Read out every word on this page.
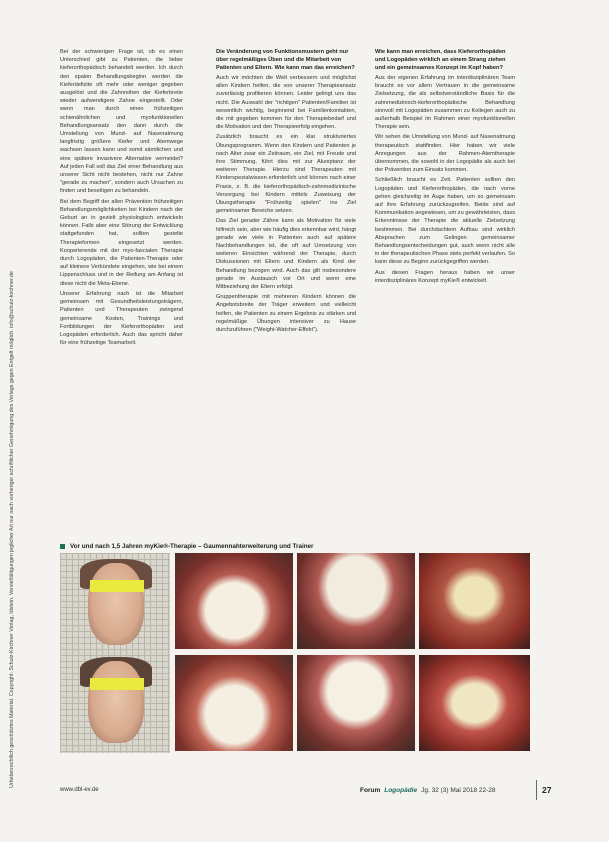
Urheberrechtlich geschütztes Material. Copyright: Schulz-Kirchner Verlag, Idstein. Vervielfältigungen jeglicher Art nur nach vorheriger schriftlicher Genehmigung des Verlags gegen Entgelt möglich. info@schulz-kirchner.de

Bei der schwierigen Frage ist, ob es einen Unterschied gibt zu Patienten, die lieber kieferorthopädisch behandelt werden. Ich durch den spalen Behandlungsbeginn werden die Kieferdefizite oft mehr oder weniger gegeben ausgelöst und die Zahnreihen der Kieferbreite wieder aufwendigere Zahne eingestellt. Oder wenn man durch einen frühzeitigen schienähnlichen und myofunktionellen Behandlungsansatz den dann durch die Umstellung von Mund- auf Nasenatmung langfristig größere Kiefer und Atemwege wachsen lassen kann und somit sämtlichen und eine spätere invasivere Alternative vermeidet? Auf jeden Fall soll das Ziel einer Behandlung aus unserer Sicht nicht bestehen, nicht nur Zahne "gerade zu machen", sondern auch Ursachen zu finden und beseitigen zu behandeln.

Bei dem Begriff der allen Prävention frühzeitigen Behandlungsmöglichkeiten bei Kindern nach der Geburt an in gezielt physiologisch entwickeln können. Falls aber eine Störung der Entwicklung stattgefunden hat, sollten gezielte Therapieformen eingesetzt werden. Kooperierende mit der myo-fascialen Therapie durch Logopäden, die Patienten-Therapie oder auf kleinere Verbündete eingehen, wie bei einem Lippenschluss und in der Reifung am Anfang ist diese nicht die Meta-Ebene.

Unserer Erfahrung nach ist die Mitarbeit gemeinsam mit Gesundheitsleistungsträgern, Patienten und Therapeuten zwingend gemeinsame Kosten, Trainings und Fortbildungen der Kieferorthopäden und Logopäden erforderlich. Auch das spricht daher für eine frühzeitige Teamarbeit.

Die Veränderung von Funktionsmustern geht nur über regelmäßiges Üben und die Mitarbeit von Patienten und Eltern. Wie kann man das erreichen?

Auch wir möchten die Welt verbessern und möglichst allen Kindern helfen, die von unserer Therapieansatz zuverlässig profitieren können. Leider gelingt uns das nicht. Die Auswahl der "richtigen" Patienten/Familien ist wesentlich wichtig, beginnend bei Familienkontakten, die mit gegeben kommen für den Therapiebedarf und die Motivation und den Therapieerfolg eingehen.

Zusätzlich braucht es ein klar strukturiertes Übungsprogramm. Wenn den Kindern und Patienten je nach Alter zwar ein Zeitraum, ein Ziel, mit Freude und ihre Stimmung, führt dies mit zur Akzeptanz der weiteren Therapie. Hierzu sind Therapeuten mit Kinderspezialwissen erforderlich und können nach einer Praxis, z. B. die kieferorthopädisch-zahnmedizinische Versorgung bei Kindern mittels Zuweisung der Übungstherapie "Frühzeitig spielen" ins Ziel gemeinsamer Bereiche setzen.

Das Ziel gerader Zähne kann als Motivation für viele hilfreich sein, aber wie häufig dies erkennbar wird, hängt gerade wie viele in Patienten auch auf spätere Nachbehandlungen ist, die oft auf Umsetzung von weiteren Einsichten während der Therapie, durch Diskussionen mit Eltern und Kindern als Kind der Behandlung bezogen wird. Auch das gilt insbesondere gerade im Austausch vor Ort und wenn eine Mitbeziehung der Eltern erfolgt.

Gruppentherapie mit mehreren Kindern können die Angebotsbreite der Träger erweitern und vielleicht helfen, die Patienten zu einem Ergebnis zu stärken und regelmäßige Übungen intensiver zu Hause durchzuführen ("Weight-Watcher-Effekt").

Wie kann man erreichen, dass Kieferorthopäden und Logopäden wirklich an einem Strang ziehen und ein gemeinsames Konzept im Kopf haben?

Aus der eigenen Erfahrung im interdisziplinären Team braucht es vor allem Vertrauen in die gemeinsame Zielsetzung, die als selbstverständliche Basis für die zahnmedizinisch-kieferorthopädische Behandlung sinnvoll mit Logopäden zusammen zu Kollegen auch zu außerhalb Beispiel im Rahmen einer myofunktionellen Therapie sein.

Wir sehen die Umstellung von Mund- auf Nasenatmung therapeutisch stattfinden. Hier haben wir viele Anregungen aus der Rahmen-Atemtherapie übernommen, die sowohl in der Logopädie als auch bei der Prävention zum Einsatz kommen.

Schließlich braucht es Zeit. Patienten sollten den Logopäden und Kieferorthopäden, die nach vorne gehen gleichzeitig im Auge haben, um so gemeinsam auf ihre Erfahrung zurückzugreifen. Beide sind auf Kommunikation angewiesen, um zu gewährleisten, dass Erkenntnisse der Therapie die aktuelle Zielsetzung bestimmen. Bei durchdachtem Aufbau sind wirklich Absprachen zum Gelingen gemeinsamer Behandlungsentscheidungen gut, auch wenn nicht alle in der therapeutischen Phase stets perfekt verlaufen. So kann diese zu Beginn zurückgegriffen werden.

Aus diesen Fragen heraus haben wir unser interdisziplinäres Konzept myKie® entwickelt.

Vor und nach 1,5 Jahren myKie®-Therapie – Gaumennahterweiterung und Trainer
www.dbl-ev.de	Forum Logopädie Jg. 32 (3) Mai 2018 22-28	27
